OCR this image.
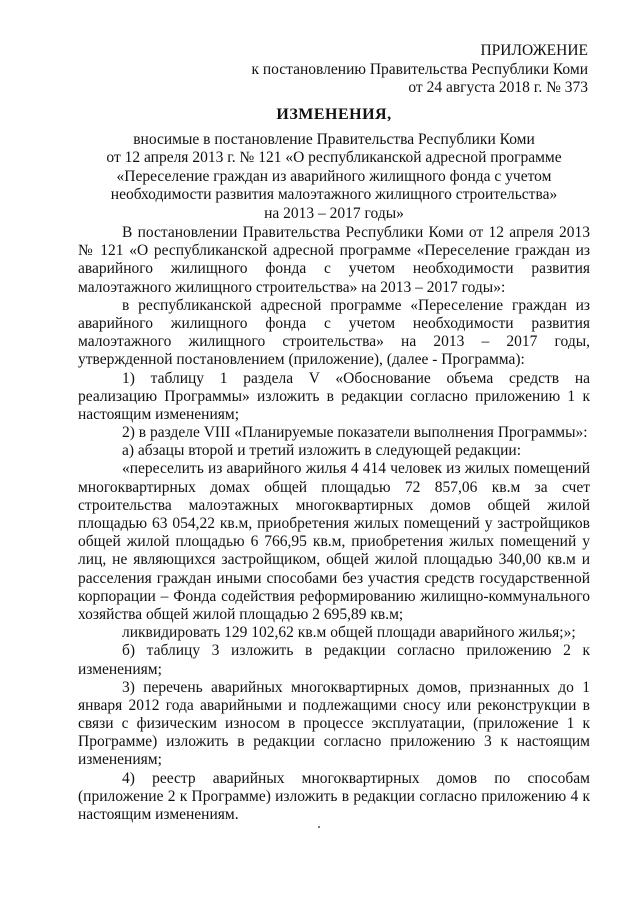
ПРИЛОЖЕНИЕ
к постановлению Правительства Республики Коми
от 24 августа 2018 г. № 373
ИЗМЕНЕНИЯ,
вносимые в постановление Правительства Республики Коми
от 12 апреля 2013 г. № 121 «О республиканской адресной программе
«Переселение граждан из аварийного жилищного фонда с учетом
необходимости развития малоэтажного жилищного строительства»
на 2013 – 2017 годы»
В постановлении Правительства Республики Коми от 12 апреля 2013
№ 121 «О республиканской адресной программе «Переселение граждан из
аварийного жилищного фонда с учетом необходимости развития
малоэтажного жилищного строительства» на 2013 – 2017 годы»:
в республиканской адресной программе «Переселение граждан из
аварийного жилищного фонда с учетом необходимости развития
малоэтажного жилищного строительства» на 2013 – 2017 годы,
утвержденной постановлением (приложение), (далее - Программа):
1) таблицу 1 раздела V «Обоснование объема средств на
реализацию Программы» изложить в редакции согласно приложению 1 к
настоящим изменениям;
2) в разделе VIII «Планируемые показатели выполнения Программы»:
а) абзацы второй и третий изложить в следующей редакции:
«переселить из аварийного жилья 4 414 человек из жилых помещений
многоквартирных домах общей площадью 72 857,06 кв.м за счет
строительства малоэтажных многоквартирных домов общей жилой
площадью 63 054,22 кв.м, приобретения жилых помещений у застройщиков
общей жилой площадью 6 766,95 кв.м, приобретения жилых помещений у
лиц, не являющихся застройщиком, общей жилой площадью 340,00 кв.м и
расселения граждан иными способами без участия средств государственной
корпорации – Фонда содействия реформированию жилищно-коммунального
хозяйства общей жилой площадью 2 695,89 кв.м;
ликвидировать 129 102,62 кв.м общей площади аварийного жилья;»;
б) таблицу 3 изложить в редакции согласно приложению 2 к
изменениям;
3) перечень аварийных многоквартирных домов, признанных до 1
января 2012 года аварийными и подлежащими сносу или реконструкции в
связи с физическим износом в процессе эксплуатации, (приложение 1 к
Программе) изложить в редакции согласно приложению 3 к настоящим
изменениям;
4) реестр аварийных многоквартирных домов по способам
(приложение 2 к Программе) изложить в редакции согласно приложению 4 к
настоящим изменениям.
